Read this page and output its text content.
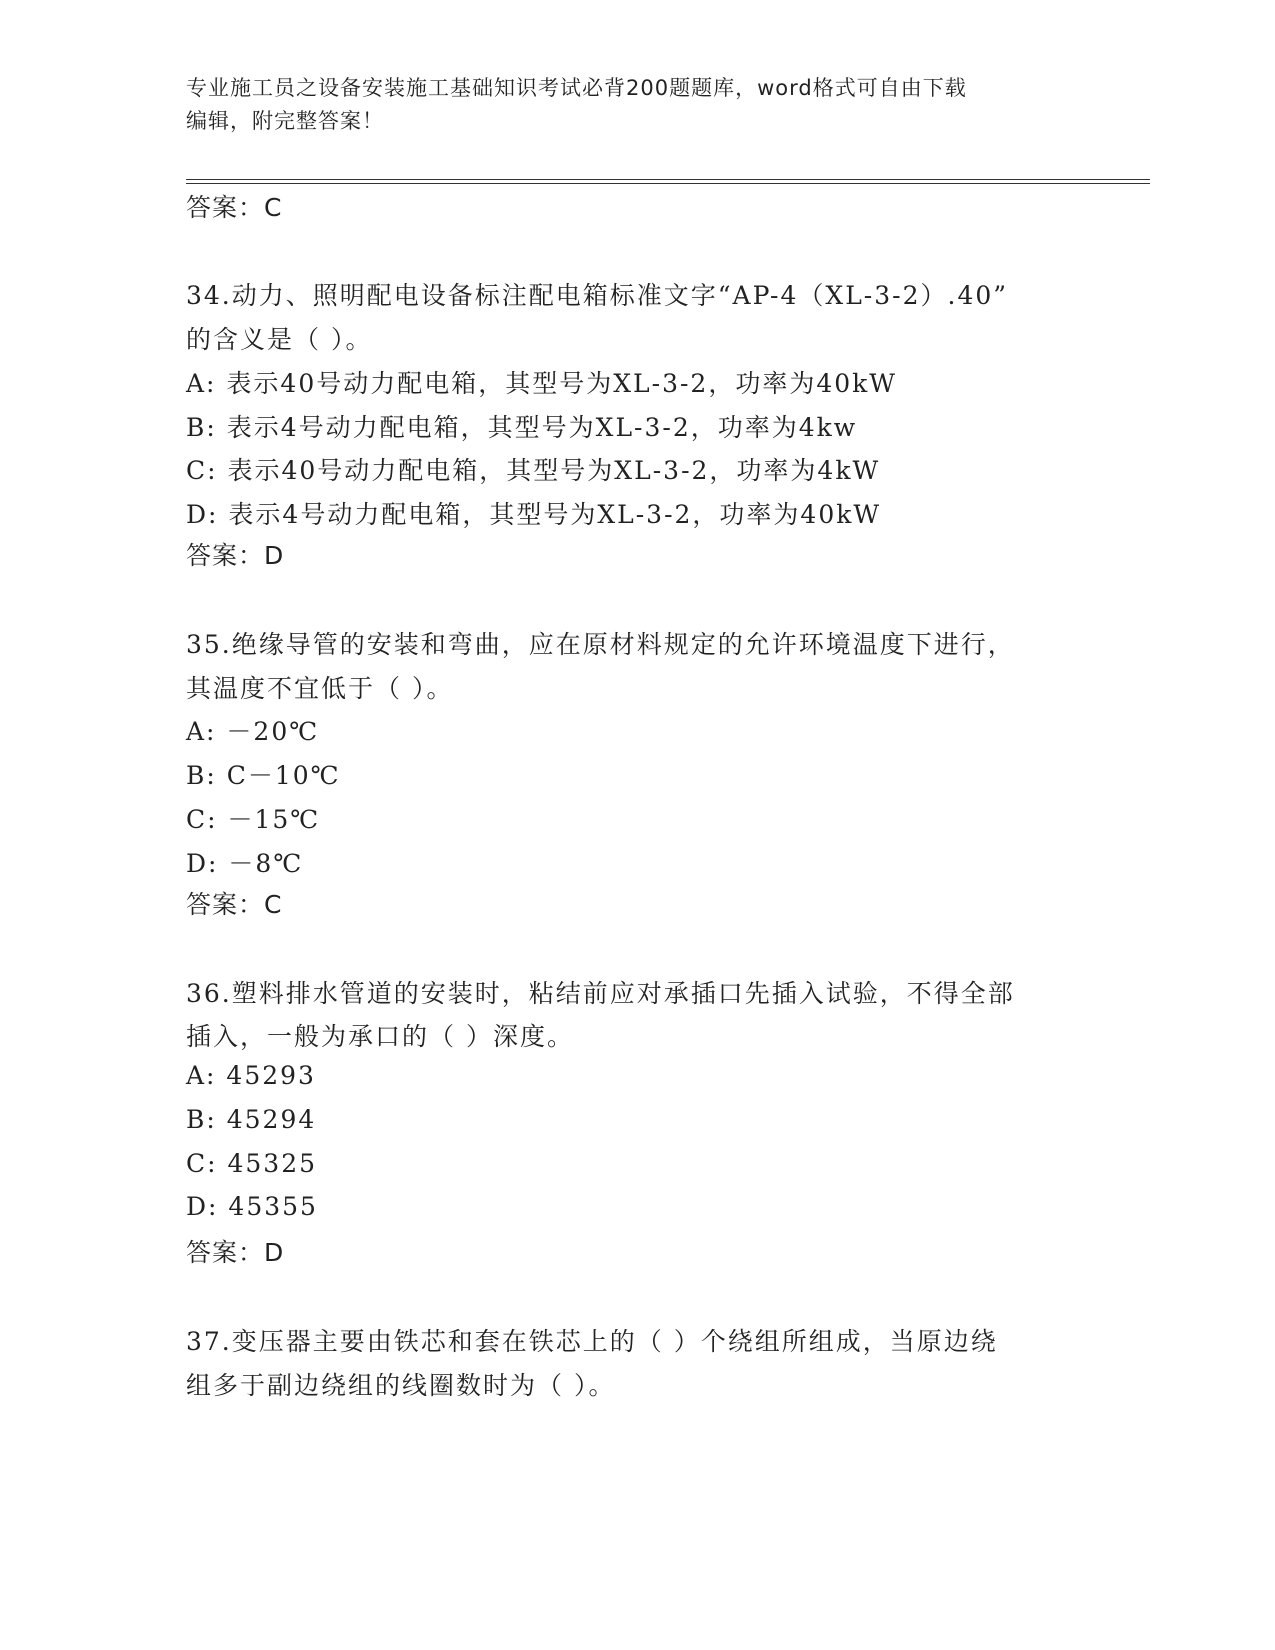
专业施工员之设备安装施工基础知识考试必背200题题库，word格式可自由下载
编辑，附完整答案！
答案：C
34.动力、照明配电设备标注配电箱标准文字“AP-4（XL-3-2）.40”
的含义是（ ）。
A: 表示40号动力配电箱，其型号为XL-3-2，功率为40kW
B: 表示4号动力配电箱，其型号为XL-3-2，功率为4kw
C: 表示40号动力配电箱，其型号为XL-3-2，功率为4kW
D: 表示4号动力配电箱，其型号为XL-3-2，功率为40kW
答案：D
35.绝缘导管的安装和弯曲，应在原材料规定的允许环境温度下进行，
其温度不宜低于（ ）。
A: －20℃
B: C－10℃
C: －15℃
D: －8℃
答案：C
36.塑料排水管道的安装时，粘结前应对承插口先插入试验，不得全部
插入，一般为承口的（ ）深度。
A: 45293
B: 45294
C: 45325
D: 45355
答案：D
37.变压器主要由铁芯和套在铁芯上的（ ）个绕组所组成，当原边绕
组多于副边绕组的线圈数时为（ ）。
